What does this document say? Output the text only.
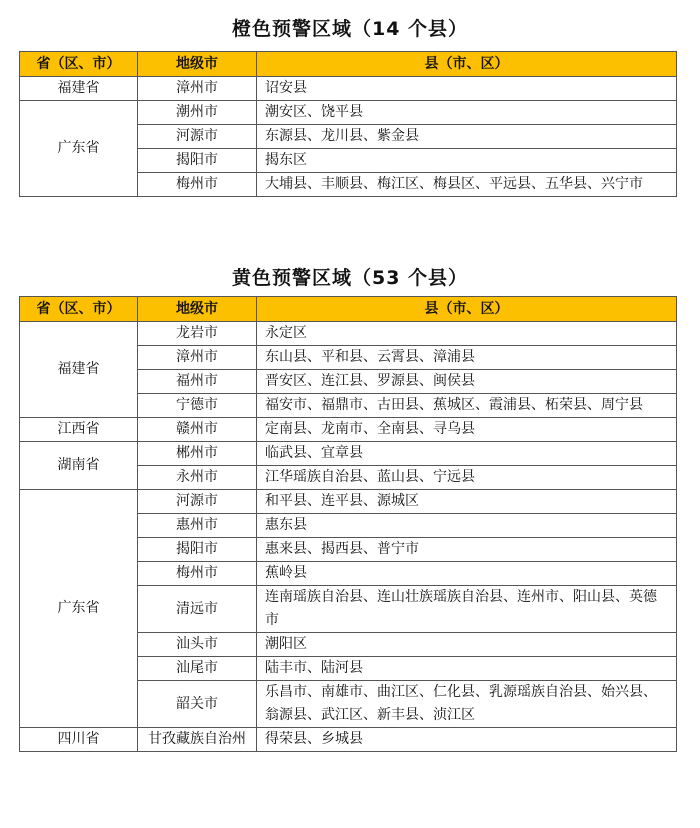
橙色预警区域（14 个县）
省（区、市）	地级市	县（市、区）
福建省	漳州市	诏安县
广东省	潮州市	潮安区、饶平县
	河源市	东源县、龙川县、紫金县
	揭阳市	揭东区
	梅州市	大埔县、丰顺县、梅江区、梅县区、平远县、五华县、兴宁市
黄色预警区域（53 个县）
省（区、市）	地级市	县（市、区）
福建省	龙岩市	永定区
	漳州市	东山县、平和县、云霄县、漳浦县
	福州市	晋安区、连江县、罗源县、闽侯县
	宁德市	福安市、福鼎市、古田县、蕉城区、霞浦县、柘荣县、周宁县
江西省	赣州市	定南县、龙南市、全南县、寻乌县
湖南省	郴州市	临武县、宜章县
	永州市	江华瑶族自治县、蓝山县、宁远县
广东省	河源市	和平县、连平县、源城区
	惠州市	惠东县
	揭阳市	惠来县、揭西县、普宁市
	梅州市	蕉岭县
	清远市	连南瑶族自治县、连山壮族瑶族自治县、连州市、阳山县、英德市
	汕头市	潮阳区
	汕尾市	陆丰市、陆河县
	韶关市	乐昌市、南雄市、曲江区、仁化县、乳源瑶族自治县、始兴县、翁源县、武江区、新丰县、浈江区
四川省	甘孜藏族自治州	得荣县、乡城县
